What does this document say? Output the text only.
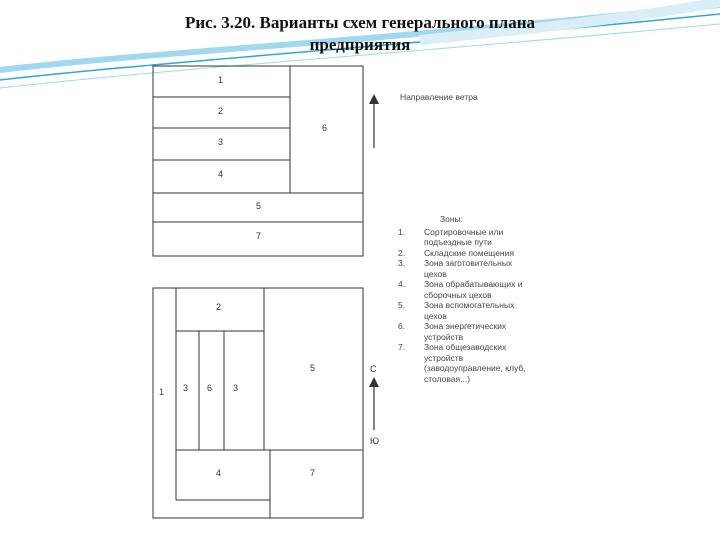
Рис. 3.20. Варианты схем генерального плана
предприятия
1
2
3
4
5
6
7
1
2
3 6 3
4
5
7
Направление ветра
С
Ю
Зоны:
1.	Сортировочные или подъездные пути
2.	Складские помещения
3.	Зона заготовительных цехов
4.	Зона обрабатывающих и сборочных цехов
5.	Зона вспомогательных цехов
6.	Зона энергетических устройств
7.	Зона общезаводских устройств (заводоуправление, клуб, столовая...)
